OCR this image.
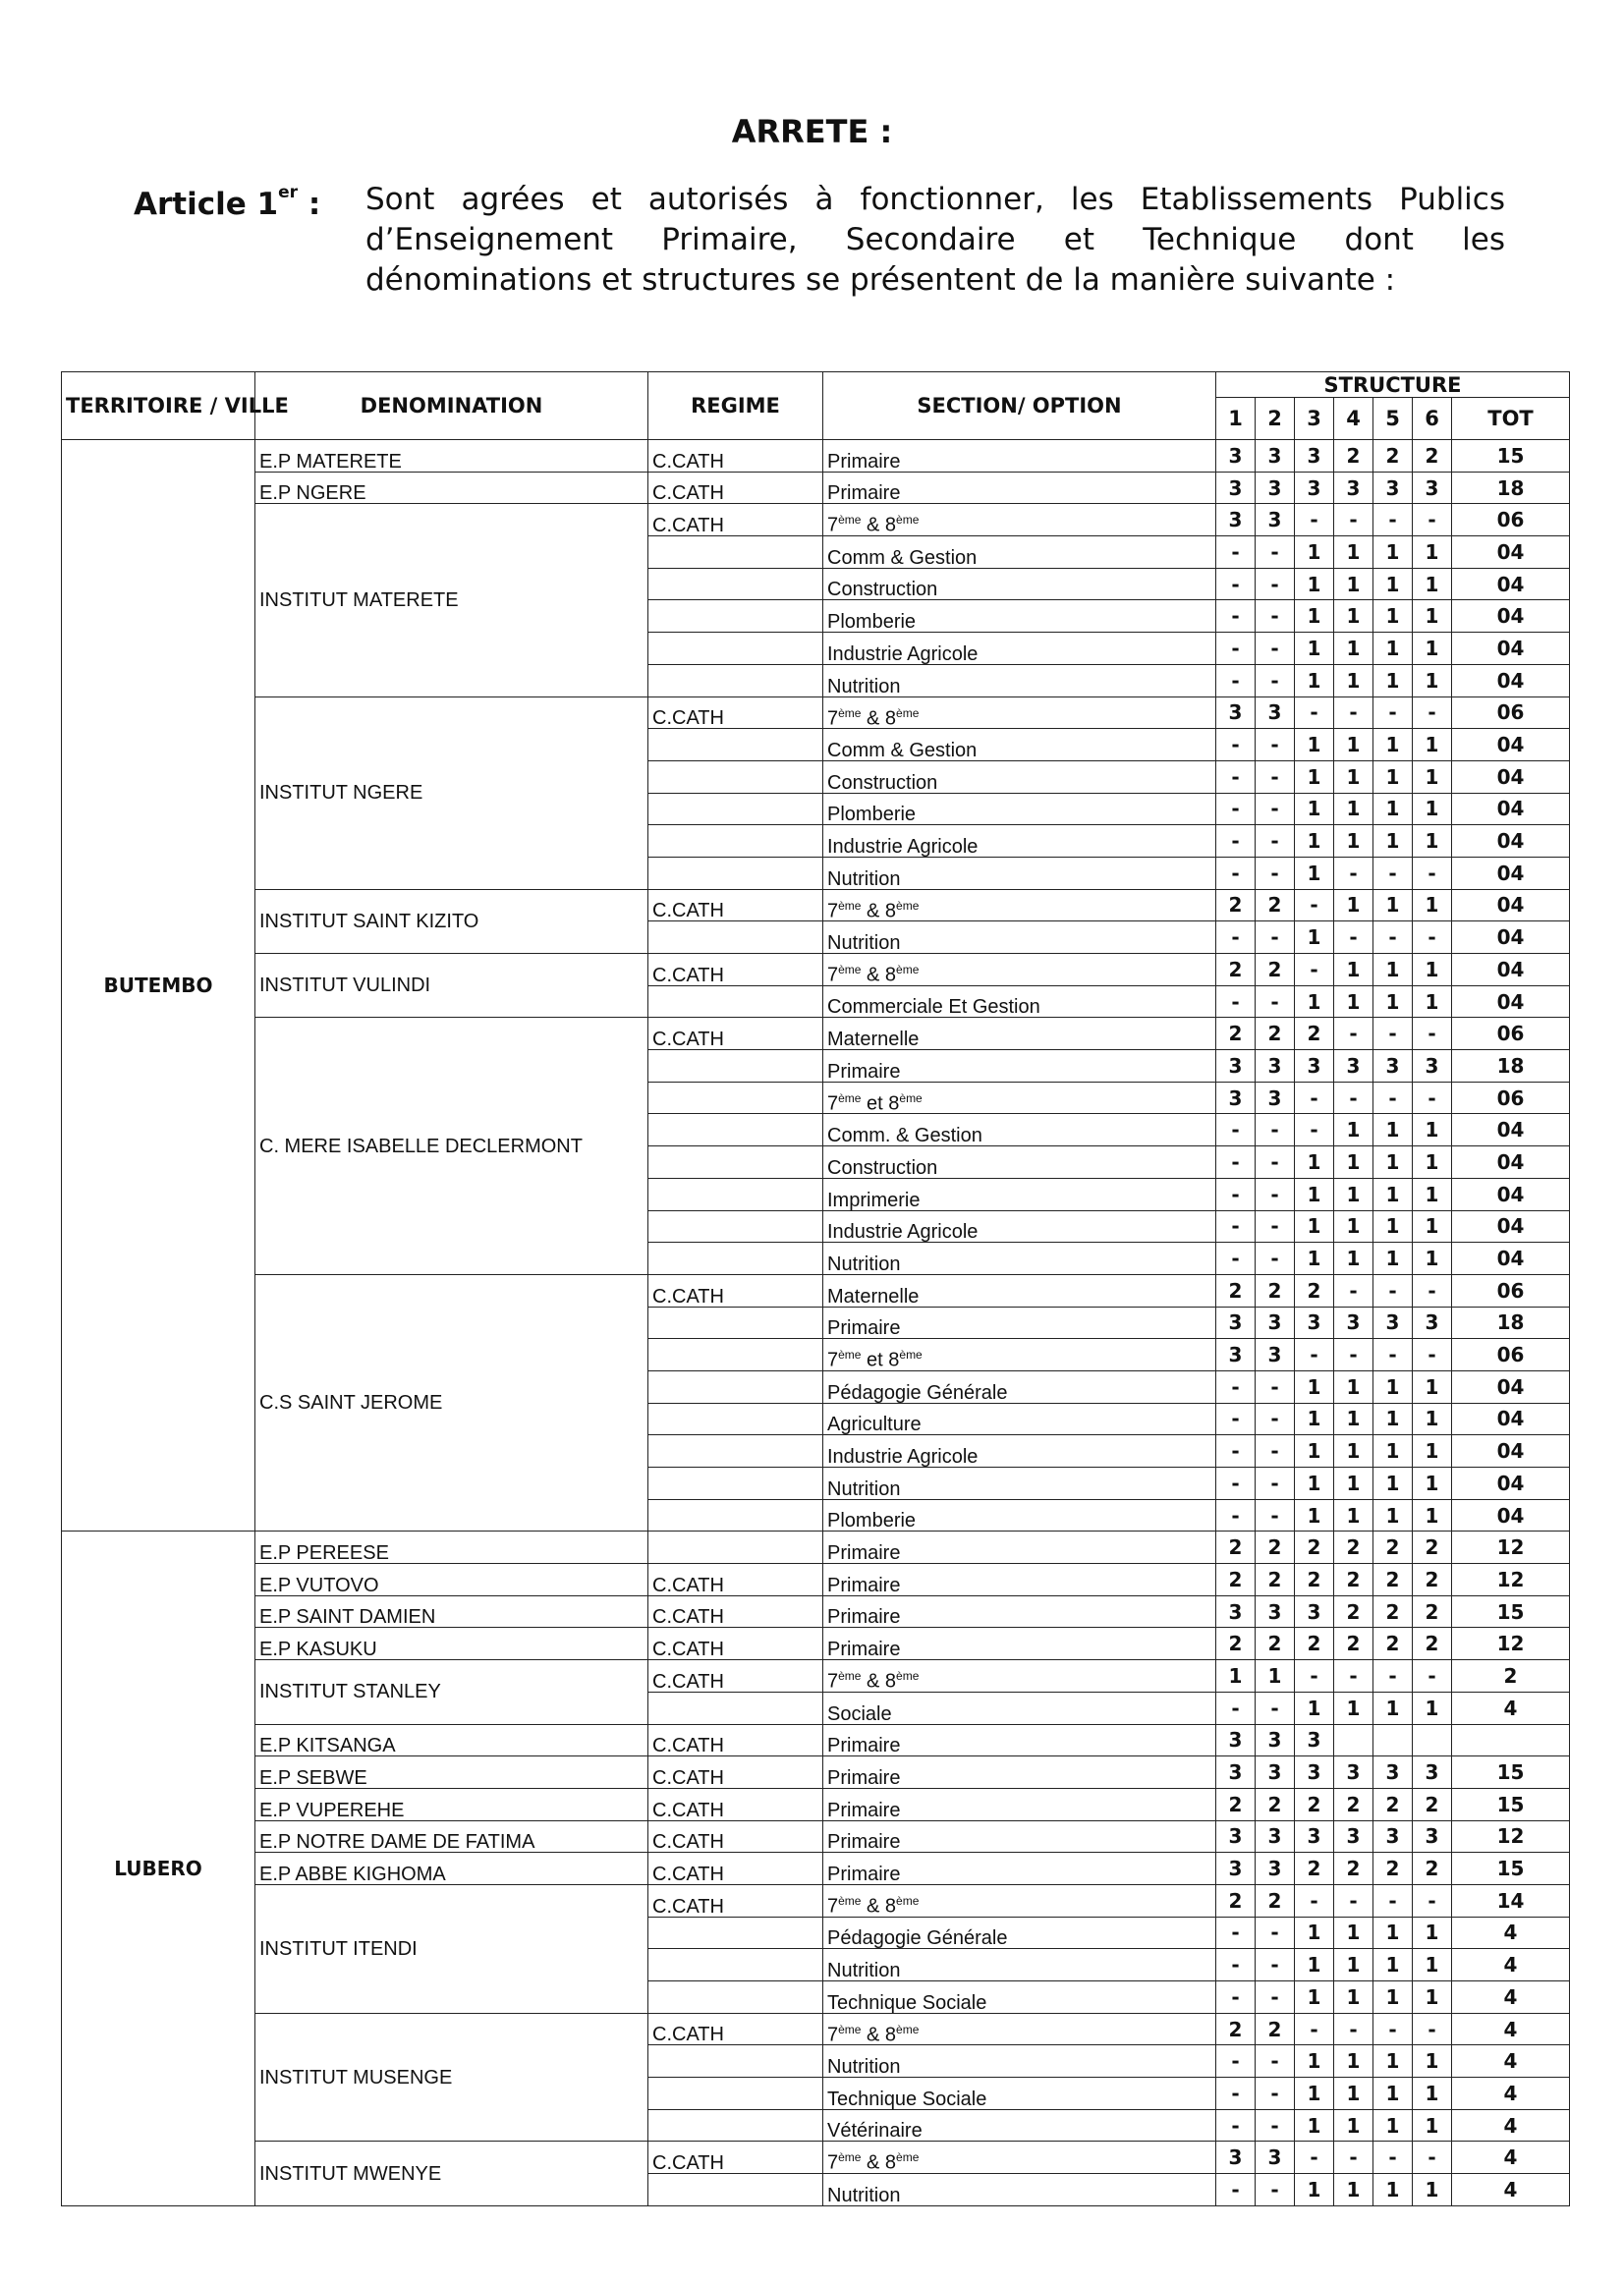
ARRETE :
Article 1er : Sont agrées et autorisés à fonctionner, les Etablissements Publics d’Enseignement Primaire, Secondaire et Technique dont les dénominations et structures se présentent de la manière suivante :
TERRITOIRE / VILLE	DENOMINATION	REGIME	SECTION/ OPTION	STRUCTURE						
				1	2	3	4	5	6	TOT
BUTEMBO	E.P MATERETE	C.CATH	Primaire	3	3	3	2	2	2	15
	E.P NGERE	C.CATH	Primaire	3	3	3	3	3	3	18
	INSTITUT MATERETE	C.CATH	7ème & 8ème	3	3	-	-	-	-	06
			Comm & Gestion	-	-	1	1	1	1	04
			Construction	-	-	1	1	1	1	04
			Plomberie	-	-	1	1	1	1	04
			Industrie Agricole	-	-	1	1	1	1	04
			Nutrition	-	-	1	1	1	1	04
	INSTITUT NGERE	C.CATH	7ème & 8ème	3	3	-	-	-	-	06
			Comm & Gestion	-	-	1	1	1	1	04
			Construction	-	-	1	1	1	1	04
			Plomberie	-	-	1	1	1	1	04
			Industrie Agricole	-	-	1	1	1	1	04
			Nutrition	-	-	1	-	-	-	04
	INSTITUT SAINT KIZITO	C.CATH	7ème & 8ème	2	2	-	1	1	1	04
			Nutrition	-	-	1	-	-	-	04
	INSTITUT VULINDI	C.CATH	7ème & 8ème	2	2	-	1	1	1	04
			Commerciale Et Gestion	-	-	1	1	1	1	04
	C. MERE ISABELLE DECLERMONT	C.CATH	Maternelle	2	2	2	-	-	-	06
			Primaire	3	3	3	3	3	3	18
			7ème et 8ème	3	3	-	-	-	-	06
			Comm. & Gestion	-	-	-	1	1	1	04
			Construction	-	-	1	1	1	1	04
			Imprimerie	-	-	1	1	1	1	04
			Industrie Agricole	-	-	1	1	1	1	04
			Nutrition	-	-	1	1	1	1	04
	C.S SAINT JEROME	C.CATH	Maternelle	2	2	2	-	-	-	06
			Primaire	3	3	3	3	3	3	18
			7ème et 8ème	3	3	-	-	-	-	06
			Pédagogie Générale	-	-	1	1	1	1	04
			Agriculture	-	-	1	1	1	1	04
			Industrie Agricole	-	-	1	1	1	1	04
			Nutrition	-	-	1	1	1	1	04
			Plomberie	-	-	1	1	1	1	04
LUBERO	E.P PEREESE		Primaire	2	2	2	2	2	2	12
	E.P VUTOVO	C.CATH	Primaire	2	2	2	2	2	2	12
	E.P SAINT DAMIEN	C.CATH	Primaire	3	3	3	2	2	2	15
	E.P KASUKU	C.CATH	Primaire	2	2	2	2	2	2	12
	INSTITUT STANLEY	C.CATH	7ème & 8ème	1	1	-	-	-	-	2
			Sociale	-	-	1	1	1	1	4
	E.P KITSANGA	C.CATH	Primaire	3	3	3				
	E.P SEBWE	C.CATH	Primaire	3	3	3	3	3	3	15
	E.P VUPEREHE	C.CATH	Primaire	2	2	2	2	2	2	15
	E.P NOTRE DAME DE FATIMA	C.CATH	Primaire	3	3	3	3	3	3	12
	E.P ABBE KIGHOMA	C.CATH	Primaire	3	3	2	2	2	2	15
	INSTITUT ITENDI	C.CATH	7ème & 8ème	2	2	-	-	-	-	14
			Pédagogie Générale	-	-	1	1	1	1	4
			Nutrition	-	-	1	1	1	1	4
			Technique Sociale	-	-	1	1	1	1	4
	INSTITUT MUSENGE	C.CATH	7ème & 8ème	2	2	-	-	-	-	4
			Nutrition	-	-	1	1	1	1	4
			Technique Sociale	-	-	1	1	1	1	4
			Vétérinaire	-	-	1	1	1	1	4
	INSTITUT MWENYE	C.CATH	7ème & 8ème	3	3	-	-	-	-	4
			Nutrition	-	-	1	1	1	1	4
